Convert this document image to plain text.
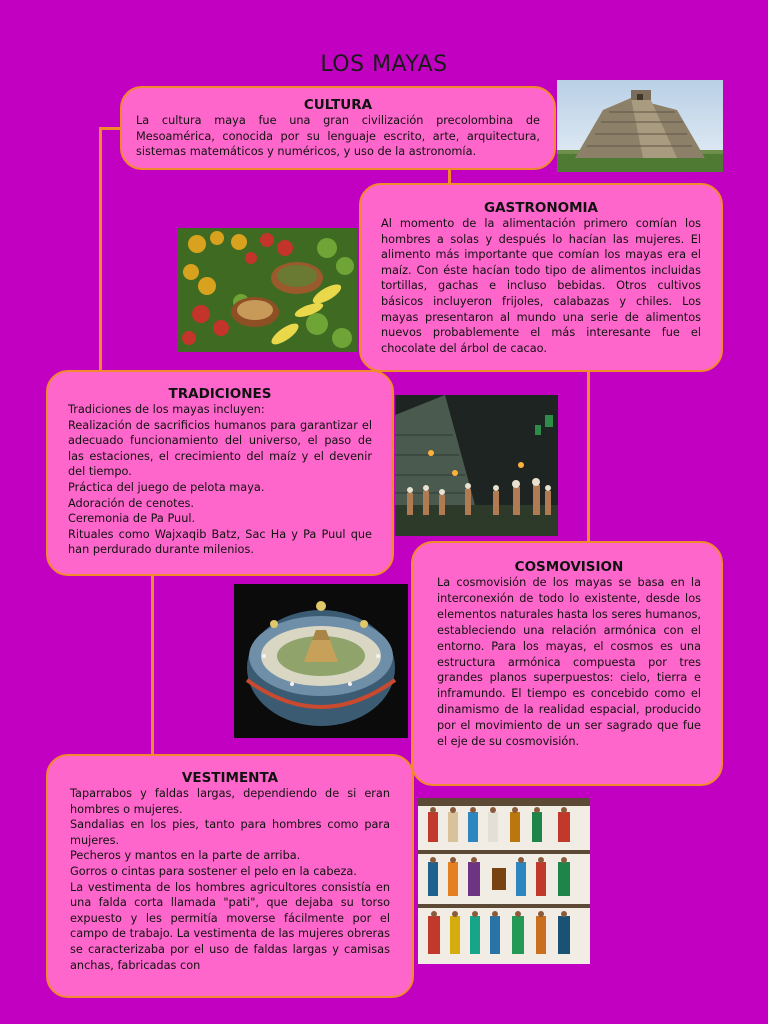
LOS MAYAS
CULTURA
La cultura maya fue una gran civilización precolombina de Mesoamérica, conocida por su lenguaje escrito, arte, arquitectura, sistemas matemáticos y numéricos, y uso de la astronomía.
GASTRONOMIA
Al momento de la alimentación primero comían los hombres a solas y después lo hacían las mujeres. El alimento más importante que comían los mayas era el maíz. Con éste hacían todo tipo de alimentos incluidas tortillas, gachas e incluso bebidas. Otros cultivos básicos incluyeron frijoles, calabazas y chiles. Los mayas presentaron al mundo una serie de alimentos nuevos probablemente el más interesante fue el chocolate del árbol de cacao.
TRADICIONES

Tradiciones de los mayas incluyen:

Realización de sacrificios humanos para garantizar el adecuado funcionamiento del universo, el paso de las estaciones, el crecimiento del maíz y el devenir del tiempo.

Práctica del juego de pelota maya.

Adoración de cenotes.

Ceremonia de Pa Puul.

Rituales como Wajxaqib Batz, Sac Ha y Pa Puul que han perdurado durante milenios.

COSMOVISION
La cosmovisión de los mayas se basa en la interconexión de todo lo existente, desde los elementos naturales hasta los seres humanos, estableciendo una relación armónica con el entorno. Para los mayas, el cosmos es una estructura armónica compuesta por tres grandes planos superpuestos: cielo, tierra e inframundo. El tiempo es concebido como el dinamismo de la realidad espacial, producido por el movimiento de un ser sagrado que fue el eje de su cosmovisión.
VESTIMENTA

Taparrabos y faldas largas, dependiendo de si eran hombres o mujeres.

Sandalias en los pies, tanto para hombres como para mujeres.

Pecheros y mantos en la parte de arriba.

Gorros o cintas para sostener el pelo en la cabeza.

La vestimenta de los hombres agricultores consistía en una falda corta llamada "pati", que dejaba su torso expuesto y les permitía moverse fácilmente por el campo de trabajo. La vestimenta de las mujeres obreras se caracterizaba por el uso de faldas largas y camisas anchas, fabricadas con
